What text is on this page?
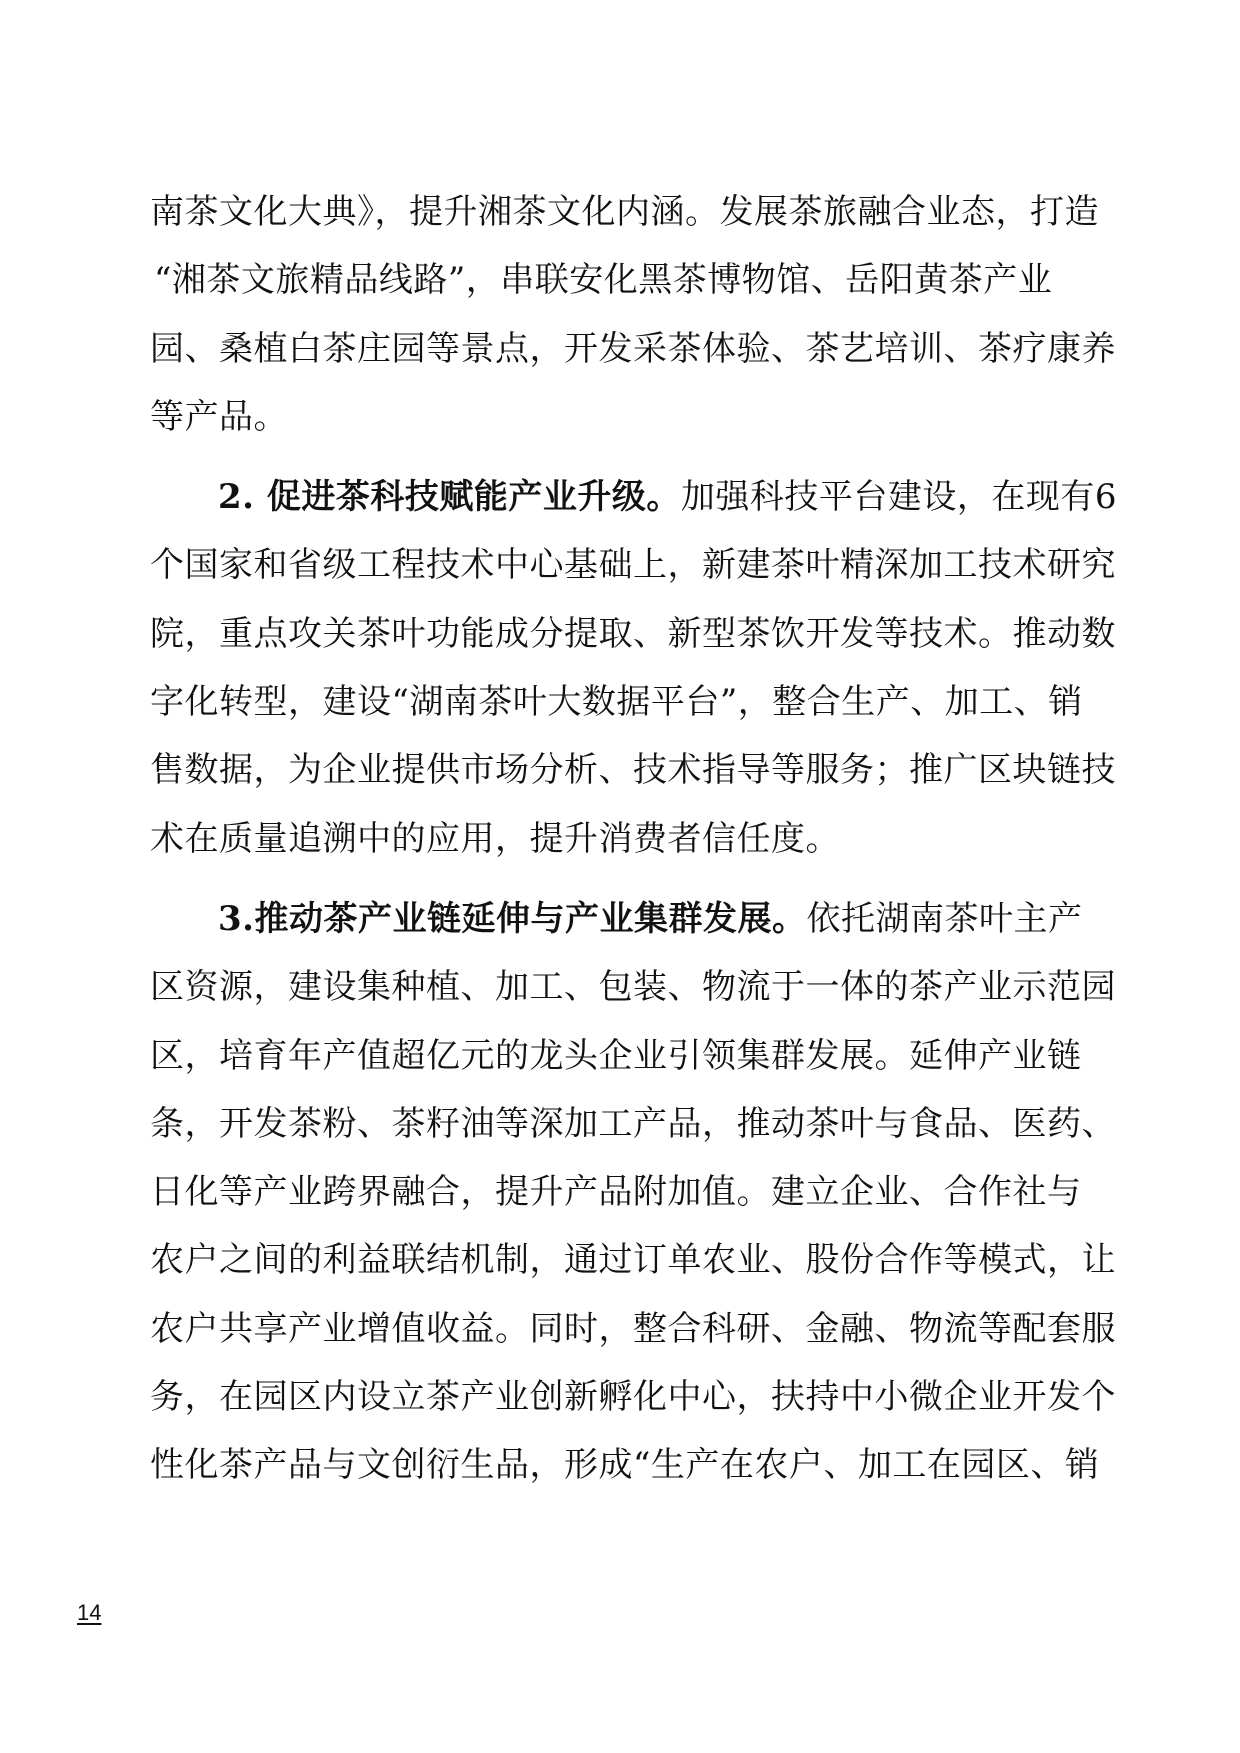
南茶文化大典》，提升湘茶文化内涵。发展茶旅融合业态，打造
“湘茶文旅精品线路”，串联安化黑茶博物馆、岳阳黄茶产业
园、桑植白茶庄园等景点，开发采茶体验、茶艺培训、茶疗康养
等产品。

2. 促进茶科技赋能产业升级。加强科技平台建设，在现有6
个国家和省级工程技术中心基础上，新建茶叶精深加工技术研究
院，重点攻关茶叶功能成分提取、新型茶饮开发等技术。推动数
字化转型，建设“湖南茶叶大数据平台”，整合生产、加工、销
售数据，为企业提供市场分析、技术指导等服务；推广区块链技
术在质量追溯中的应用，提升消费者信任度。

3.推动茶产业链延伸与产业集群发展。依托湖南茶叶主产
区资源，建设集种植、加工、包装、物流于一体的茶产业示范园
区，培育年产值超亿元的龙头企业引领集群发展。延伸产业链
条，开发茶粉、茶籽油等深加工产品，推动茶叶与食品、医药、
日化等产业跨界融合，提升产品附加值。建立企业、合作社与
农户之间的利益联结机制，通过订单农业、股份合作等模式，让
农户共享产业增值收益。同时，整合科研、金融、物流等配套服
务，在园区内设立茶产业创新孵化中心，扶持中小微企业开发个
性化茶产品与文创衍生品，形成“生产在农户、加工在园区、销

14
